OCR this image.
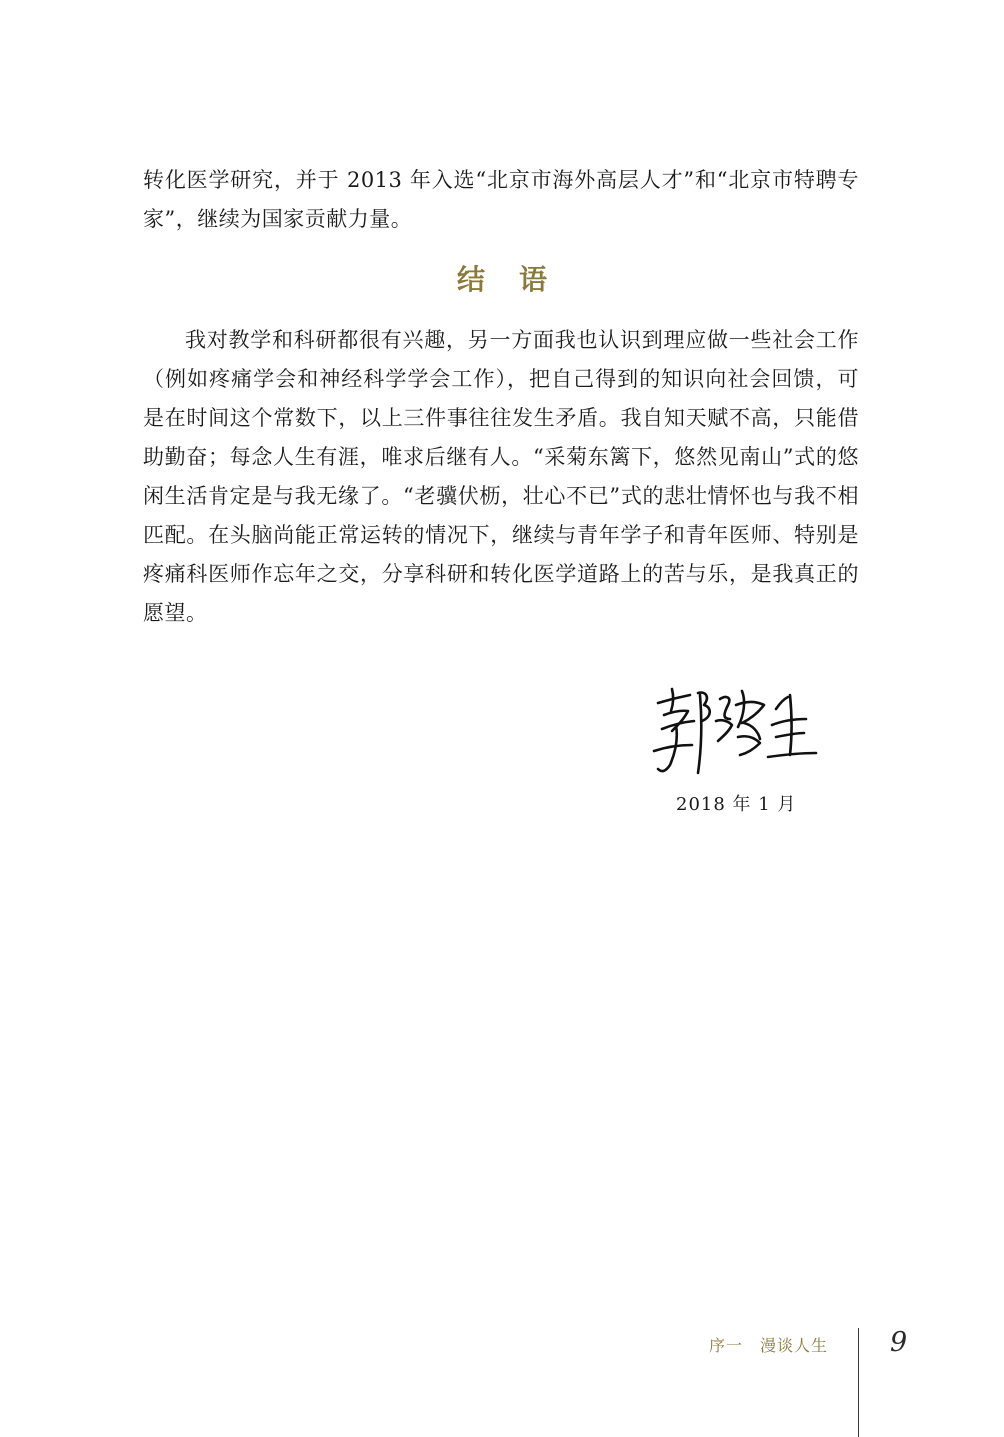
转化医学研究，并于 2013 年入选“北京市海外高层人才”和“北京市特聘专家”，继续为国家贡献力量。

结语

我对教学和科研都很有兴趣，另一方面我也认识到理应做一些社会工作（例如疼痛学会和神经科学学会工作），把自己得到的知识向社会回馈，可是在时间这个常数下，以上三件事往往发生矛盾。我自知天赋不高，只能借助勤奋；每念人生有涯，唯求后继有人。“采菊东篱下，悠然见南山”式的悠闲生活肯定是与我无缘了。“老骥伏枥，壮心不已”式的悲壮情怀也与我不相匹配。在头脑尚能正常运转的情况下，继续与青年学子和青年医师、特别是疼痛科医师作忘年之交，分享科研和转化医学道路上的苦与乐，是我真正的愿望。

2018 年 1 月
序一　漫谈人生 9
